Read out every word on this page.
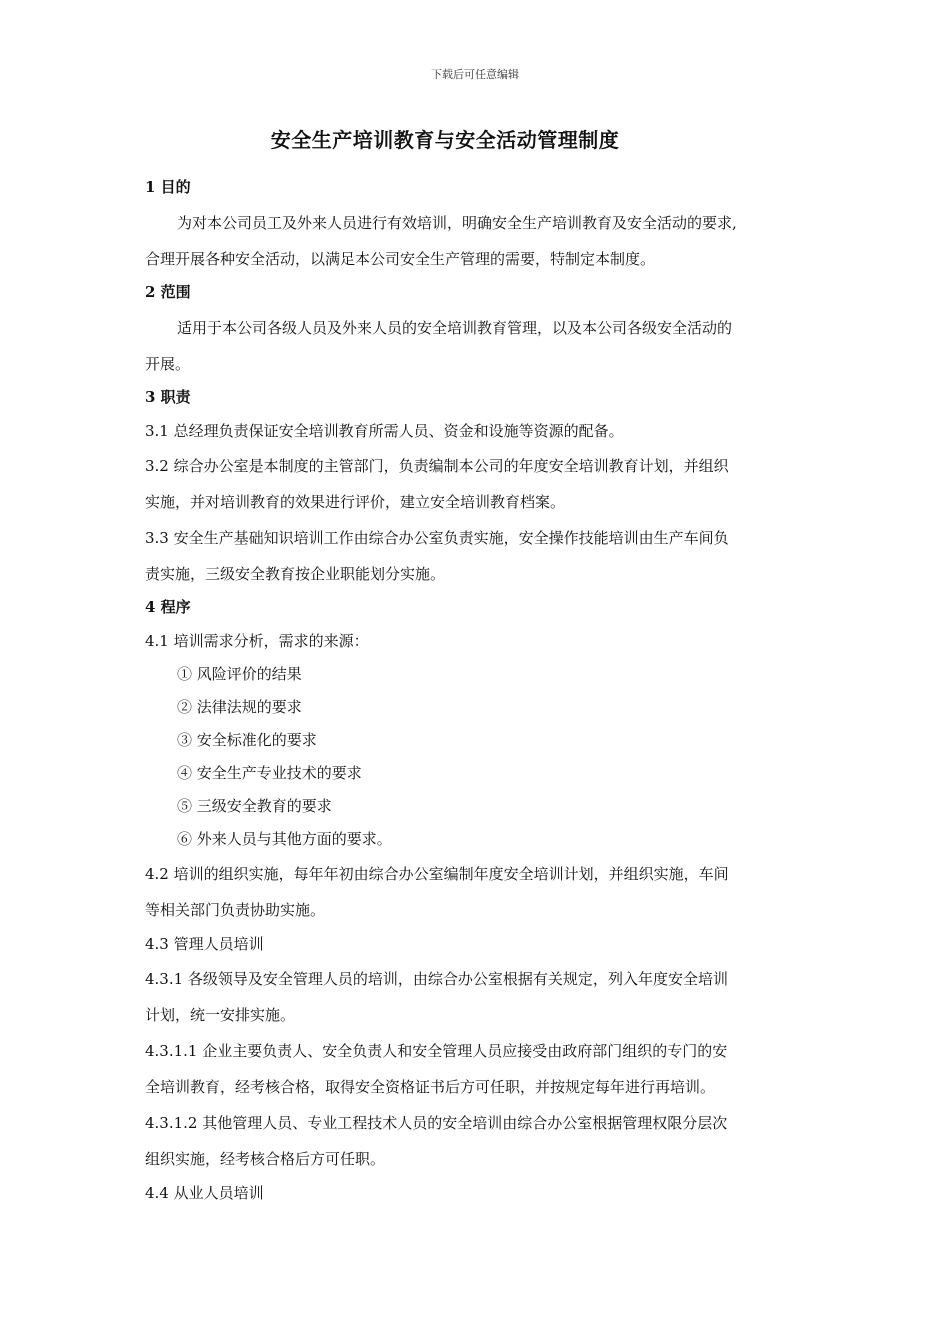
下载后可任意编辑
安全生产培训教育与安全活动管理制度
1 目的
为对本公司员工及外来人员进行有效培训，明确安全生产培训教育及安全活动的要求,
合理开展各种安全活动，以满足本公司安全生产管理的需要，特制定本制度。
2 范围
适用于本公司各级人员及外来人员的安全培训教育管理，以及本公司各级安全活动的
开展。
3 职责
3.1 总经理负责保证安全培训教育所需人员、资金和设施等资源的配备。
3.2 综合办公室是本制度的主管部门，负责编制本公司的年度安全培训教育计划，并组织
实施，并对培训教育的效果进行评价，建立安全培训教育档案。
3.3 安全生产基础知识培训工作由综合办公室负责实施，安全操作技能培训由生产车间负
责实施，三级安全教育按企业职能划分实施。
4 程序
4.1 培训需求分析，需求的来源：
① 风险评价的结果
② 法律法规的要求
③ 安全标准化的要求
④ 安全生产专业技术的要求
⑤ 三级安全教育的要求
⑥ 外来人员与其他方面的要求。
4.2 培训的组织实施，每年年初由综合办公室编制年度安全培训计划，并组织实施，车间
等相关部门负责协助实施。
4.3 管理人员培训
4.3.1 各级领导及安全管理人员的培训，由综合办公室根据有关规定，列入年度安全培训
计划，统一安排实施。
4.3.1.1 企业主要负责人、安全负责人和安全管理人员应接受由政府部门组织的专门的安
全培训教育，经考核合格，取得安全资格证书后方可任职，并按规定每年进行再培训。
4.3.1.2 其他管理人员、专业工程技术人员的安全培训由综合办公室根据管理权限分层次
组织实施，经考核合格后方可任职。
4.4 从业人员培训
